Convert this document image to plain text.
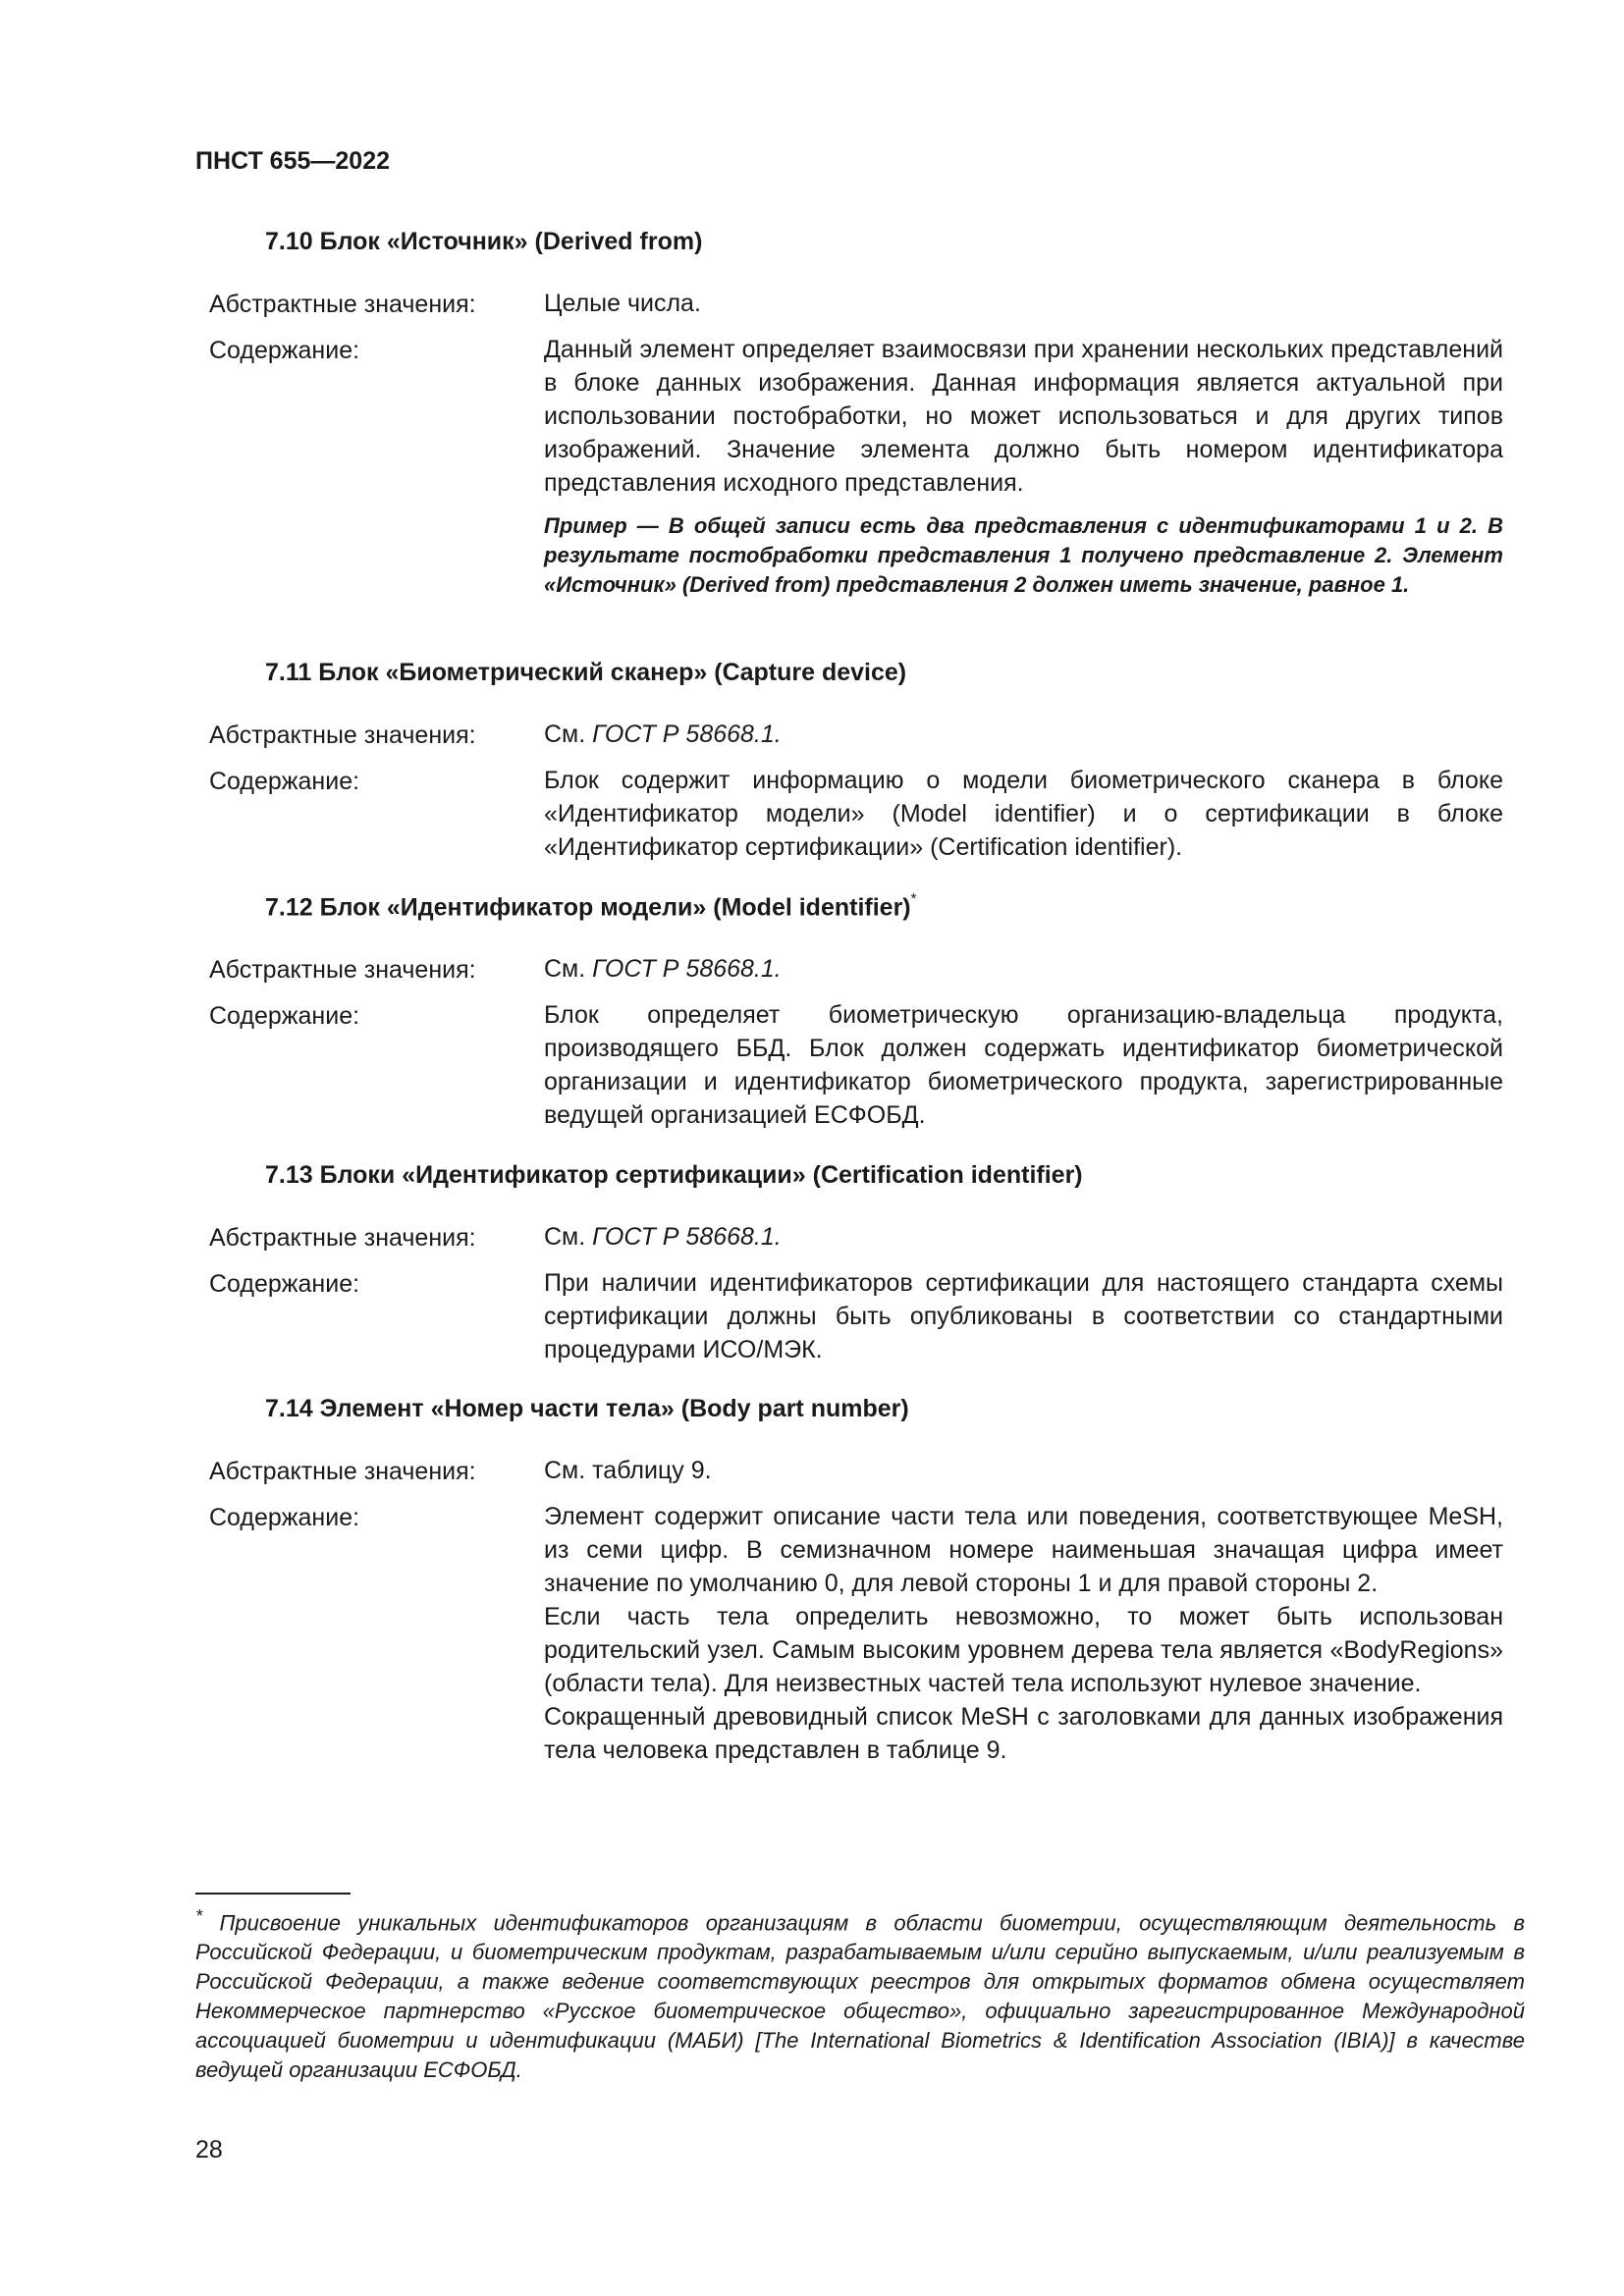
ПНСТ 655—2022
7.10 Блок «Источник» (Derived from)
Абстрактные значения:	Целые числа.
Содержание:	Данный элемент определяет взаимосвязи при хранении нескольких представлений в блоке данных изображения. Данная информация является актуальной при использовании постобработки, но может использоваться и для других типов изображений. Значение элемента должно быть номером идентификатора представления исходного представления.
Пример — В общей записи есть два представления с идентификаторами 1 и 2. В результате постобработки представления 1 получено представление 2. Элемент «Источник» (Derived from) представления 2 должен иметь значение, равное 1.
7.11 Блок «Биометрический сканер» (Capture device)
Абстрактные значения:	См. ГОСТ Р 58668.1.
Содержание:	Блок содержит информацию о модели биометрического сканера в блоке «Идентификатор модели» (Model identifier) и о сертификации в блоке «Идентификатор сертификации» (Certification identifier).
7.12 Блок «Идентификатор модели» (Model identifier)*
Абстрактные значения:	См. ГОСТ Р 58668.1.
Содержание:	Блок определяет биометрическую организацию-владельца продукта, производящего ББД. Блок должен содержать идентификатор биометрической организации и идентификатор биометрического продукта, зарегистрированные ведущей организацией ЕСФОБД.
7.13 Блоки «Идентификатор сертификации» (Certification identifier)
Абстрактные значения:	См. ГОСТ Р 58668.1.
Содержание:	При наличии идентификаторов сертификации для настоящего стандарта схемы сертификации должны быть опубликованы в соответствии со стандартными процедурами ИСО/МЭК.
7.14 Элемент «Номер части тела» (Body part number)
Абстрактные значения:	См. таблицу 9.
Содержание:	Элемент содержит описание части тела или поведения, соответствующее MeSH, из семи цифр. В семизначном номере наименьшая значащая цифра имеет значение по умолчанию 0, для левой стороны 1 и для правой стороны 2.

Если часть тела определить невозможно, то может быть использован родительский узел. Самым высоким уровнем дерева тела является «BodyRegions» (области тела). Для неизвестных частей тела используют нулевое значение.

Сокращенный древовидный список MeSH с заголовками для данных изображения тела человека представлен в таблице 9.

* Присвоение уникальных идентификаторов организациям в области биометрии, осуществляющим деятельность в Российской Федерации, и биометрическим продуктам, разрабатываемым и/или серийно выпускаемым, и/или реализуемым в Российской Федерации, а также ведение соответствующих реестров для открытых форматов обмена осуществляет Некоммерческое партнерство «Русское биометрическое общество», официально зарегистрированное Международной ассоциацией биометрии и идентификации (МАБИ) [The International Biometrics & Identification Association (IBIA)] в качестве ведущей организации ЕСФОБД.
28
